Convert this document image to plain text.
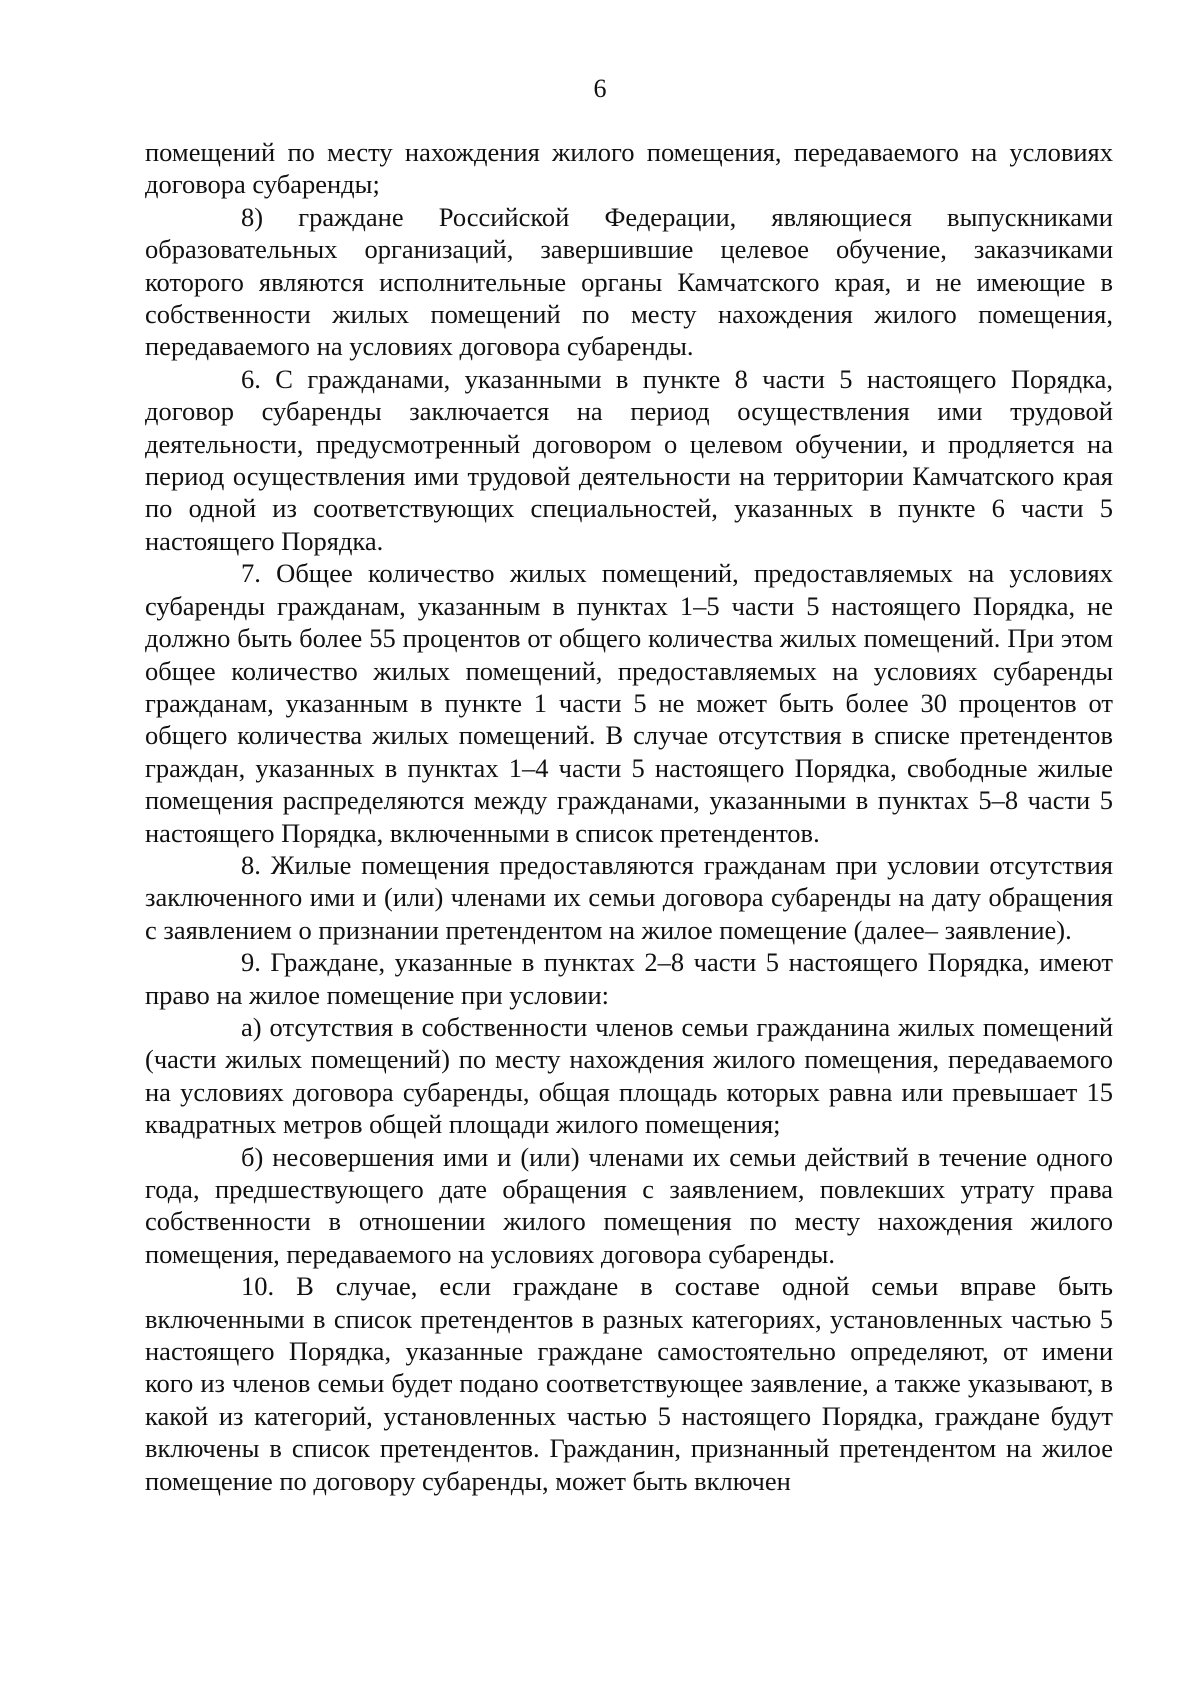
6

помещений по месту нахождения жилого помещения, передаваемого на условиях договора субаренды;

8) граждане Российской Федерации, являющиеся выпускниками образовательных организаций, завершившие целевое обучение, заказчиками которого являются исполнительные органы Камчатского края, и не имеющие в собственности жилых помещений по месту нахождения жилого помещения, передаваемого на условиях договора субаренды.

6. С гражданами, указанными в пункте 8 части 5 настоящего Порядка, договор субаренды заключается на период осуществления ими трудовой деятельности, предусмотренный договором о целевом обучении, и продляется на период осуществления ими трудовой деятельности на территории Камчатского края по одной из соответствующих специальностей, указанных в пункте 6 части 5 настоящего Порядка.

7. Общее количество жилых помещений, предоставляемых на условиях субаренды гражданам, указанным в пунктах 1–5 части 5 настоящего Порядка, не должно быть более 55 процентов от общего количества жилых помещений. При этом общее количество жилых помещений, предоставляемых на условиях субаренды гражданам, указанным в пункте 1 части 5 не может быть более 30 процентов от общего количества жилых помещений. В случае отсутствия в списке претендентов граждан, указанных в пунктах 1–4 части 5 настоящего Порядка, свободные жилые помещения распределяются между гражданами, указанными в пунктах 5–8 части 5 настоящего Порядка, включенными в список претендентов.

8. Жилые помещения предоставляются гражданам при условии отсутствия заключенного ими и (или) членами их семьи договора субаренды на дату обращения с заявлением о признании претендентом на жилое помещение (далее– заявление).

9. Граждане, указанные в пунктах 2–8 части 5 настоящего Порядка, имеют право на жилое помещение при условии:

а) отсутствия в собственности членов семьи гражданина жилых помещений (части жилых помещений) по месту нахождения жилого помещения, передаваемого на условиях договора субаренды, общая площадь которых равна или превышает 15 квадратных метров общей площади жилого помещения;

б) несовершения ими и (или) членами их семьи действий в течение одного года, предшествующего дате обращения с заявлением, повлекших утрату права собственности в отношении жилого помещения по месту нахождения жилого помещения, передаваемого на условиях договора субаренды.

10. В случае, если граждане в составе одной семьи вправе быть включенными в список претендентов в разных категориях, установленных частью 5 настоящего Порядка, указанные граждане самостоятельно определяют, от имени кого из членов семьи будет подано соответствующее заявление, а также указывают, в какой из категорий, установленных частью 5 настоящего Порядка, граждане будут включены в список претендентов. Гражданин, признанный претендентом на жилое помещение по договору субаренды, может быть включен
